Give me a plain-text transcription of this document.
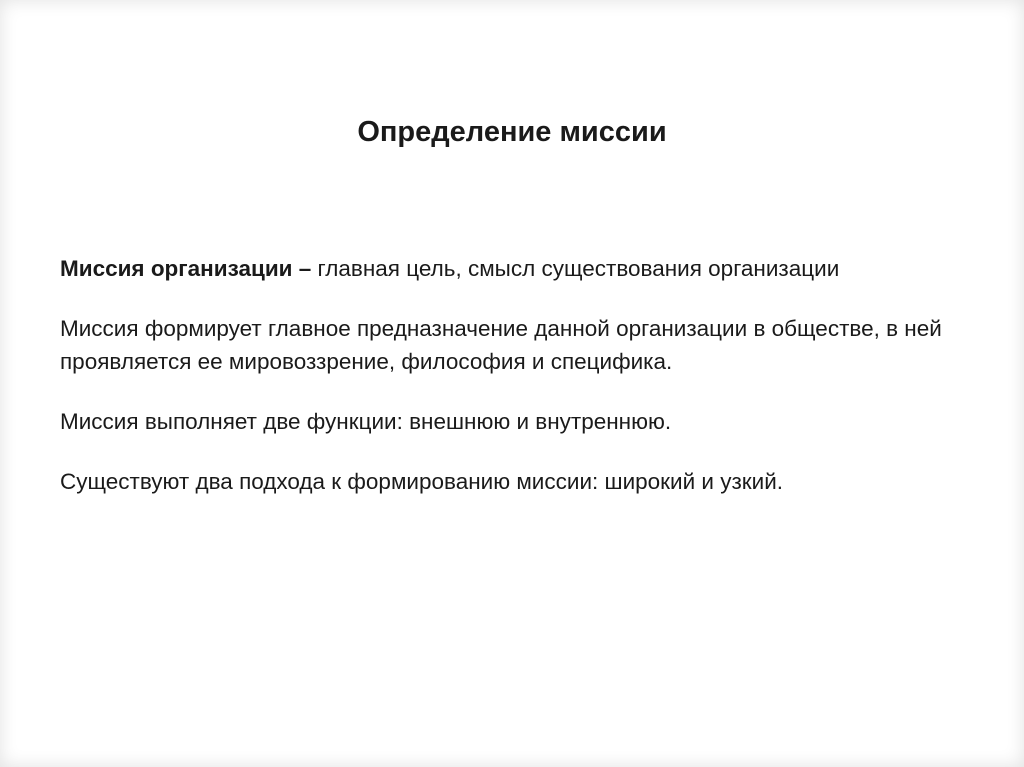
Определение миссии

Миссия организации – главная цель, смысл существования организации

Миссия формирует главное предназначение данной организации в обществе, в ней проявляется ее мировоззрение, философия и специфика.

Миссия выполняет две функции: внешнюю и внутреннюю.

Существуют два подхода к формированию миссии: широкий и узкий.
